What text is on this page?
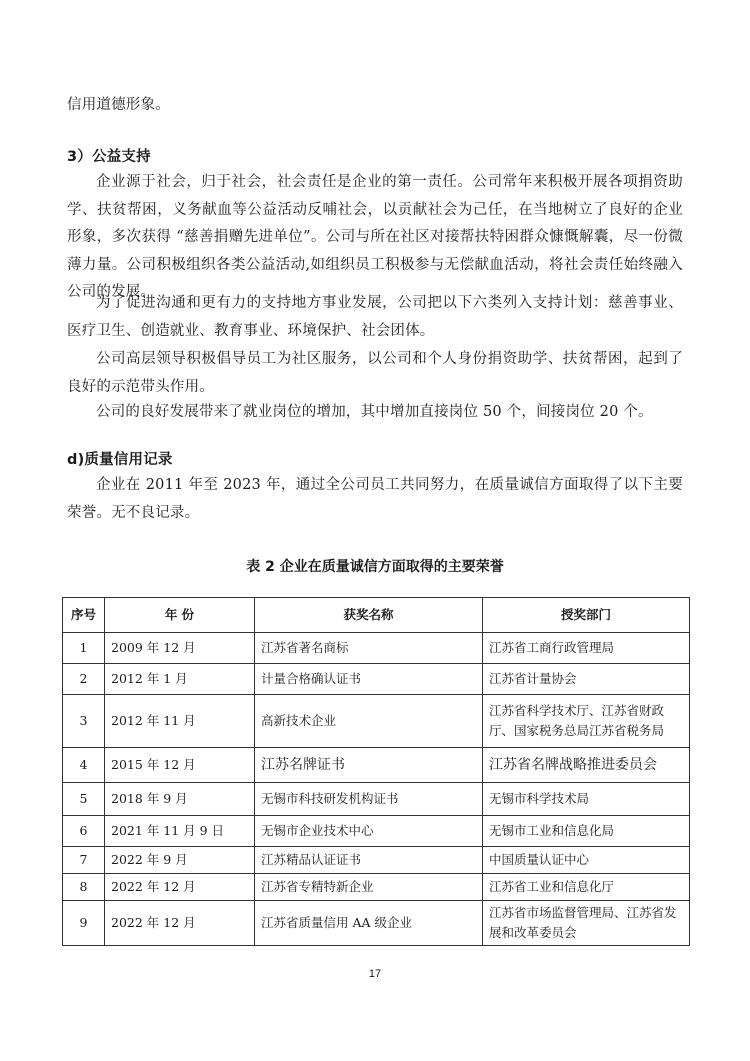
信用道德形象。

3）公益支持

企业源于社会，归于社会，社会责任是企业的第一责任。公司常年来积极开展各项捐资助学、扶贫帮困，义务献血等公益活动反哺社会，以贡献社会为己任，在当地树立了良好的企业形象，多次获得 “慈善捐赠先进单位”。公司与所在社区对接帮扶特困群众慷慨解囊，尽一份微薄力量。公司积极组织各类公益活动,如组织员工积极参与无偿献血活动，将社会责任始终融入公司的发展。

为了促进沟通和更有力的支持地方事业发展，公司把以下六类列入支持计划：慈善事业、医疗卫生、创造就业、教育事业、环境保护、社会团体。

公司高层领导积极倡导员工为社区服务，以公司和个人身份捐资助学、扶贫帮困，起到了良好的示范带头作用。

公司的良好发展带来了就业岗位的增加，其中增加直接岗位 50 个，间接岗位 20 个。

d)质量信用记录

企业在 2011 年至 2023 年，通过全公司员工共同努力，在质量诚信方面取得了以下主要荣誉。无不良记录。

表 2 企业在质量诚信方面取得的主要荣誉
序号	年 份	获奖名称	授奖部门
1	2009 年 12 月	江苏省著名商标	江苏省工商行政管理局
2	2012 年 1 月	计量合格确认证书	江苏省计量协会
3	2012 年 11 月	高新技术企业	江苏省科学技术厅、江苏省财政厅、国家税务总局江苏省税务局
4	2015 年 12 月	江苏名牌证书	江苏省名牌战略推进委员会
5	2018 年 9 月	无锡市科技研发机构证书	无锡市科学技术局
6	2021 年 11 月 9 日	无锡市企业技术中心	无锡市工业和信息化局
7	2022 年 9 月	江苏精品认证证书	中国质量认证中心
8	2022 年 12 月	江苏省专精特新企业	江苏省工业和信息化厅
9	2022 年 12 月	江苏省质量信用 AA 级企业	江苏省市场监督管理局、江苏省发展和改革委员会
17
